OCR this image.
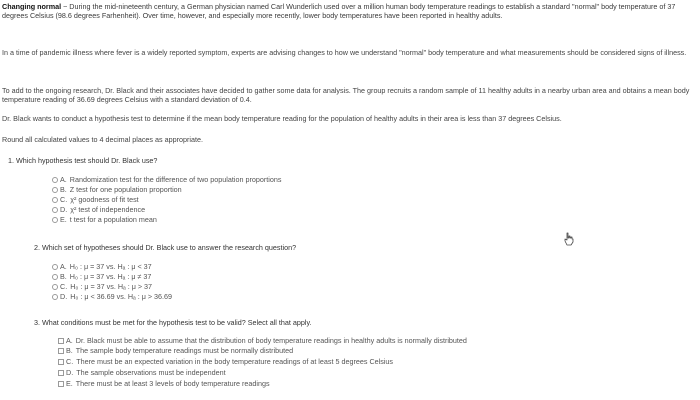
Changing normal ~ During the mid-nineteenth century, a German physician named Carl Wunderlich used over a million human body temperature readings to establish a standard "normal" body temperature of 37 degrees Celsius (98.6 degrees Farhenheit). Over time, however, and especially more recently, lower body temperatures have been reported in healthy adults.
In a time of pandemic illness where fever is a widely reported symptom, experts are advising changes to how we understand "normal" body temperature and what measurements should be considered signs of illness.
To add to the ongoing research, Dr. Black and their associates have decided to gather some data for analysis. The group recruits a random sample of 11 healthy adults in a nearby urban area and obtains a mean body temperature reading of 36.69 degrees Celsius with a standard deviation of 0.4.
Dr. Black wants to conduct a hypothesis test to determine if the mean body temperature reading for the population of healthy adults in their area is less than 37 degrees Celsius.
Round all calculated values to 4 decimal places as appropriate.
1. Which hypothesis test should Dr. Black use?
A. Randomization test for the difference of two population proportions
B. Z test for one population proportion
C. χ² goodness of fit test
D. χ² test of independence
E. t test for a population mean
2. Which set of hypotheses should Dr. Black use to answer the research question?
A. H₀ : μ = 37 vs. Hₐ : μ < 37
B. H₀ : μ = 37 vs. Hₐ : μ ≠ 37
C. H₀ : μ = 37 vs. Hₐ : μ > 37
D. H₀ : μ < 36.69 vs. Hₐ : μ > 36.69
3. What conditions must be met for the hypothesis test to be valid? Select all that apply.
A. Dr. Black must be able to assume that the distribution of body temperature readings in healthy adults is normally distributed
B. The sample body temperature readings must be normally distributed
C. There must be an expected variation in the body temperature readings of at least 5 degrees Celsius
D. The sample observations must be independent
E. There must be at least 3 levels of body temperature readings
